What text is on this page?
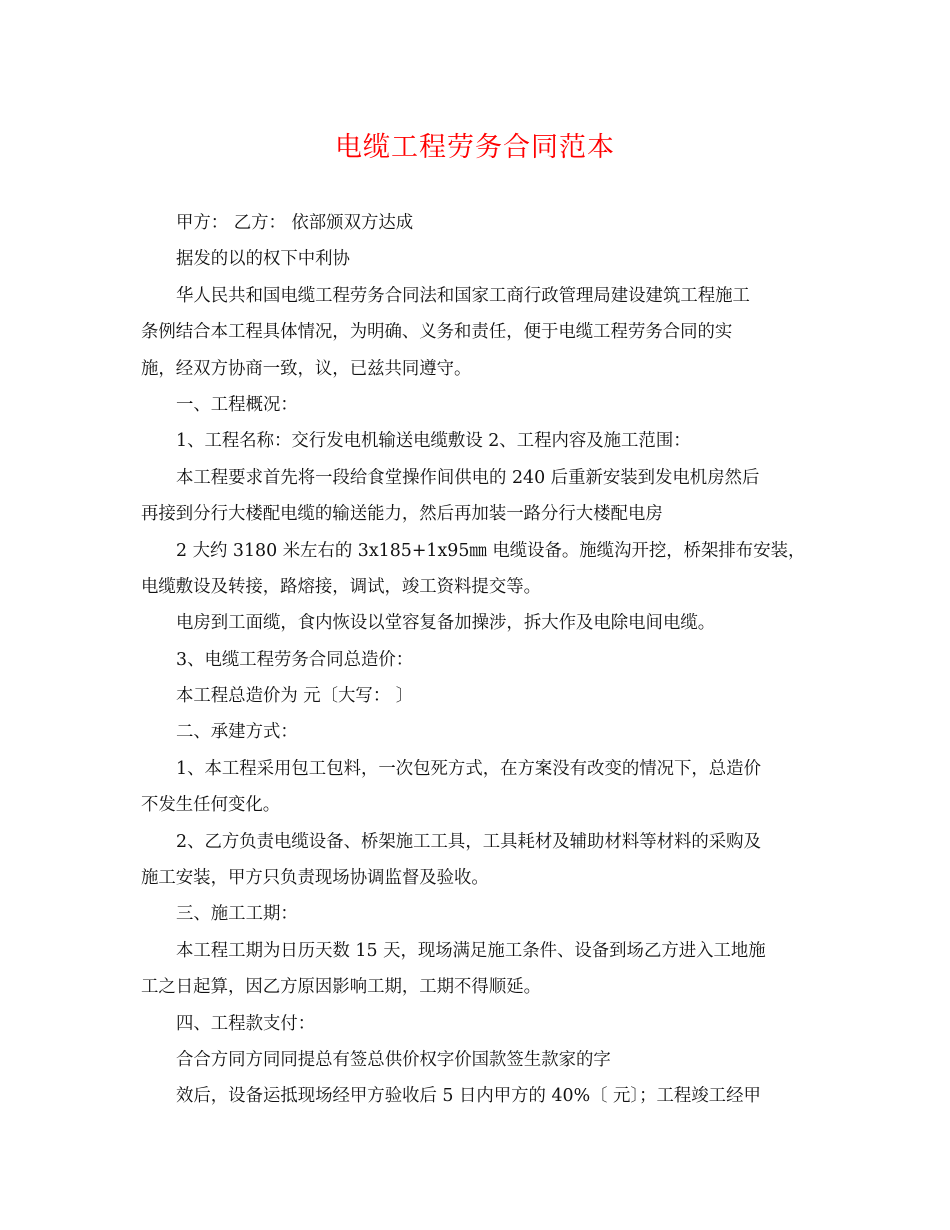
电缆工程劳务合同范本
甲方： 乙方： 依部颁双方达成
据发的以的权下中利协
华人民共和国电缆工程劳务合同法和国家工商行政管理局建设建筑工程施工
条例结合本工程具体情况，为明确、义务和责任，便于电缆工程劳务合同的实
施，经双方协商一致，议，已兹共同遵守。
一、工程概况：
1、工程名称：交行发电机输送电缆敷设 2、工程内容及施工范围：
本工程要求首先将一段给食堂操作间供电的 240 后重新安装到发电机房然后
再接到分行大楼配电缆的输送能力，然后再加装一路分行大楼配电房
2 大约 3180 米左右的 3x185+1x95㎜ 电缆设备。施缆沟开挖，桥架排布安装，
电缆敷设及转接，路熔接，调试，竣工资料提交等。
电房到工面缆，食内恢设以堂容复备加操涉，拆大作及电除电间电缆。
3、电缆工程劳务合同总造价：
本工程总造价为 元〔大写： 〕
二、承建方式：
1、本工程采用包工包料，一次包死方式，在方案没有改变的情况下，总造价
不发生任何变化。
2、乙方负责电缆设备、桥架施工工具，工具耗材及辅助材料等材料的采购及
施工安装，甲方只负责现场协调监督及验收。
三、施工工期：
本工程工期为日历天数 15 天，现场满足施工条件、设备到场乙方进入工地施
工之日起算，因乙方原因影响工期，工期不得顺延。
四、工程款支付：
合合方同方同同提总有签总供价权字价国款签生款家的字
效后，设备运抵现场经甲方验收后 5 日内甲方的 40%〔 元〕；工程竣工经甲
